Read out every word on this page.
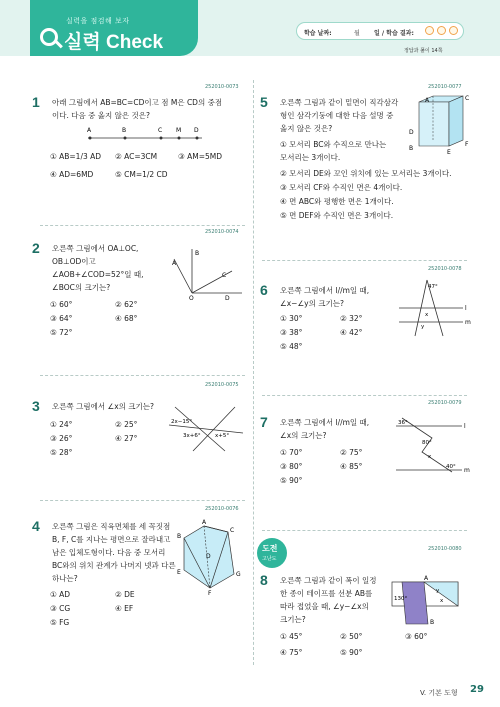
실력을 점검해 보자
실력 Check	학습 날짜:	월 일 / 학습 결과:
정답과 풀이 14쪽
252010-0073
1 아래 그림에서 AB=BC=CD이고 점 M은 CD의 중점
이다. 다음 중 옳지 않은 것은?
A	B	C M D
① AB=1/3 AD ② AC=3CM	③ AM=5MD
④ AD=6MD	⑤ CM=1/2 CD
252010-0074
2 오른쪽 그림에서 OA⊥OC,
OB⊥OD이고
∠AOB+∠COD=52°일 때,
∠BOC의 크기는?
A
B
C
O	D
① 60°	② 62°
③ 64°	④ 68°
⑤ 72°
252010-0075
3 오른쪽 그림에서 ∠x의 크기는?
2x−15°
3x+6°	x+5°
① 24°	② 25°
③ 26°	④ 27°
⑤ 28°
252010-0076
4 오른쪽 그림은 직육면체를 세 꼭짓점
B, F, C를 지나는 평면으로 잘라내고
남은 입체도형이다. 다음 중 모서리
BC와의 위치 관계가 나머지 넷과 다른
하나는?
A
B
C
D
E
F
G
① AD	② DE
③ CG	④ EF
⑤ FG
252010-0077
5 오른쪽 그림과 같이 밑면이 직각삼각
형인 삼각기둥에 대한 다음 설명 중
옳지 않은 것은?
A	C
D
F
B
E
① 모서리 BC와 수직으로 만나는
모서리는 3개이다.
② 모서리 DE와 꼬인 위치에 있는 모서리는 3개이다.
③ 모서리 CF와 수직인 면은 4개이다.
④ 면 ABC와 평행한 면은 1개이다.
⑤ 면 DEF와 수직인 면은 3개이다.
252010-0078
6 오른쪽 그림에서 l//m일 때,
∠x−∠y의 크기는?
47°
l
x
y
m
① 30°	② 32°
③ 38°	④ 42°
⑤ 48°
252010-0079
7 오른쪽 그림에서 l//m일 때,
∠x의 크기는?
36°	l
80°
x
40° m
① 70°	② 75°
③ 80°	④ 85°
⑤ 90°
도전
고난도
252010-0080
8 오른쪽 그림과 같이 폭이 일정
한 종이 테이프를 선분 AB를
따라 접었을 때, ∠y−∠x의
크기는?
A
130°
y
x
B
① 45°	② 50°	③ 60°
④ 75°	⑤ 90°
V. 기본 도형 29
